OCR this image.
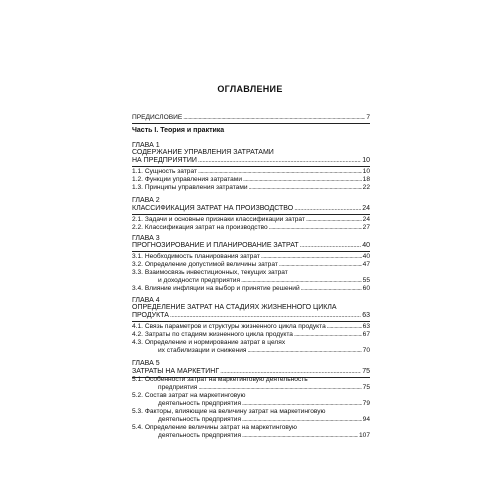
ОГЛАВЛЕНИЕ
ПРЕДИСЛОВИЕ . . .	7
Часть I. Теория и практика
ГЛАВА 1
СОДЕРЖАНИЕ УПРАВЛЕНИЯ ЗАТРАТАМИ
НА ПРЕДПРИЯТИИ . . .	10
1.1. Сущность затрат . . .	10
1.2. Функции управления затратами . . .	18
1.3. Принципы управления затратами . . .	22
ГЛАВА 2
КЛАССИФИКАЦИЯ ЗАТРАТ НА ПРОИЗВОДСТВО . . .	24
2.1. Задачи и основные признаки классификации затрат . . .	24
2.2. Классификация затрат на производство . . .	27
ГЛАВА 3
ПРОГНОЗИРОВАНИЕ И ПЛАНИРОВАНИЕ ЗАТРАТ . . .	40
3.1. Необходимость планирования затрат . . .	40
3.2. Определение допустимой величины затрат . . .	47
3.3. Взаимосвязь инвестиционных, текущих затрат
и доходности предприятия . . .	55
3.4. Влияние инфляции на выбор и принятие решений . . .	60
ГЛАВА 4
ОПРЕДЕЛЕНИЕ ЗАТРАТ НА СТАДИЯХ ЖИЗНЕННОГО ЦИКЛА
ПРОДУКТА . . .	63
4.1. Связь параметров и структуры жизненного цикла продукта . . .	63
4.2. Затраты по стадиям жизненного цикла продукта . . .	67
4.3. Определение и нормирование затрат в целях
их стабилизации и снижения . . .	70
ГЛАВА 5
ЗАТРАТЫ НА МАРКЕТИНГ . . .	75
5.1. Особенности затрат на маркетинговую деятельность
предприятия . . .	75
5.2. Состав затрат на маркетинговую
деятельность предприятия . . .	79
5.3. Факторы, влияющие на величину затрат на маркетинговую
деятельность предприятия . . .	94
5.4. Определение величины затрат на маркетинговую
деятельность предприятия . . .	107
